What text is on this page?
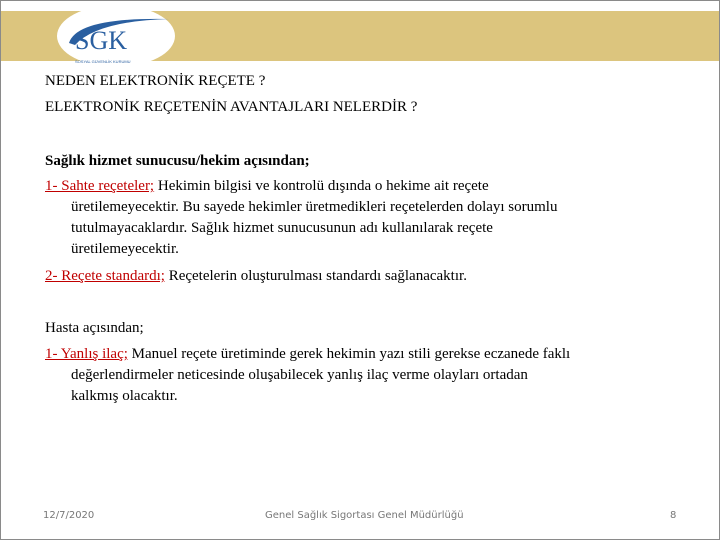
SGK
SOSYAL GÜVENLİK KURUMU
NEDEN ELEKTRONİK REÇETE ?
ELEKTRONİK REÇETENİN AVANTAJLARI NELERDİR ?
Sağlık hizmet sunucusu/hekim açısından;
1- Sahte reçeteler; Hekimin bilgisi ve kontrolü dışında o hekime ait reçete
üretilemeyecektir. Bu sayede hekimler üretmedikleri reçetelerden dolayı sorumlu
tutulmayacaklardır. Sağlık hizmet sunucusunun adı kullanılarak reçete
üretilemeyecektir.
2- Reçete standardı; Reçetelerin oluşturulması standardı sağlanacaktır.
Hasta açısından;
1- Yanlış ilaç; Manuel reçete üretiminde gerek hekimin yazı stili gerekse eczanede faklı
değerlendirmeler neticesinde oluşabilecek yanlış ilaç verme olayları ortadan
kalkmış olacaktır.
12/7/2020	Genel Sağlık Sigortası Genel Müdürlüğü	8
